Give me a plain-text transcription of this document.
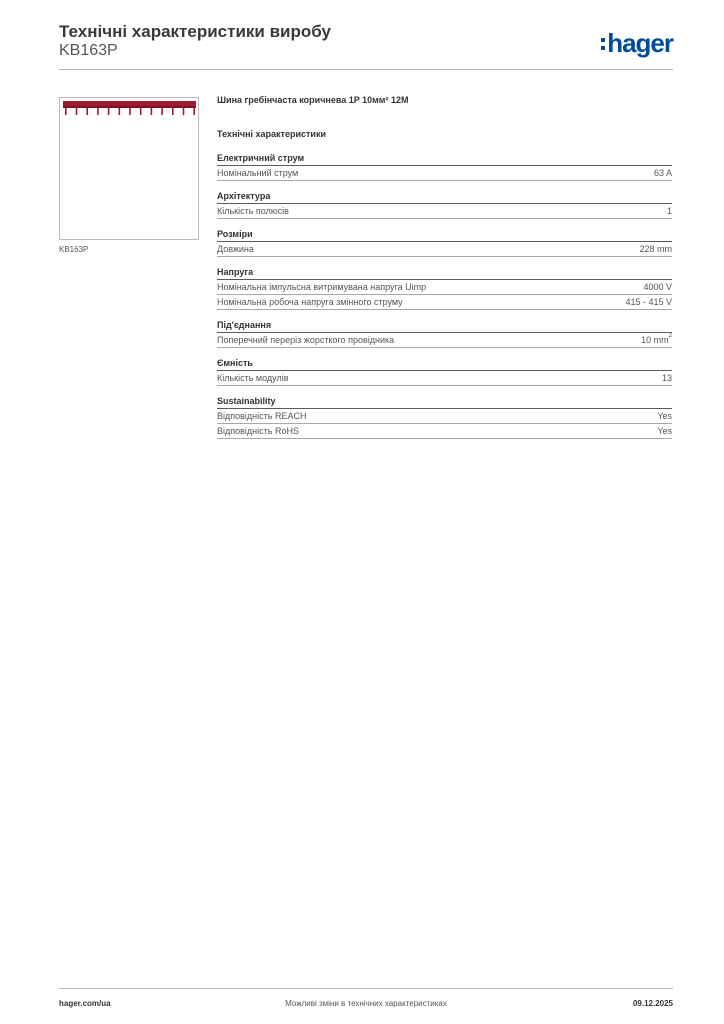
Технічні характеристики виробу
KB163P	hager
KB163P
Шина гребінчаста коричнева 1P 10мм² 12M
Технічні характеристики
Електричний струм
Номінальний струм	63 A
Архітектура
Кількість полюсів	1
Розміри
Довжина	228 mm
Напруга
Номінальна імпульсна витримувана напруга Uimp	4000 V
Номінальна робоча напруга змінного струму	415 - 415 V
Під'єднання
Поперечний переріз жорсткого провідника	10 $mm^2$
Ємність
Кількість модулів	13
Sustainability
Відповідність REACH	Yes
Відповідність RoHS	Yes
hager.com/ua	Можливі зміни в технічних характеристиках	09.12.2025
